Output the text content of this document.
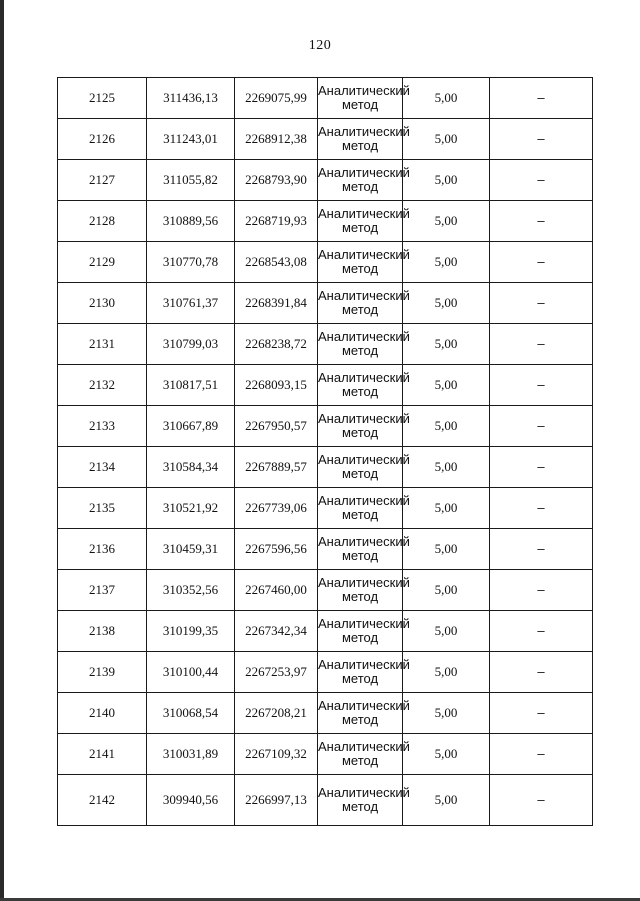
120
2125	311436,13	2269075,99	Аналитический
метод	5,00	–
2126	311243,01	2268912,38	Аналитический
метод	5,00	–
2127	311055,82	2268793,90	Аналитический
метод	5,00	–
2128	310889,56	2268719,93	Аналитический
метод	5,00	–
2129	310770,78	2268543,08	Аналитический
метод	5,00	–
2130	310761,37	2268391,84	Аналитический
метод	5,00	–
2131	310799,03	2268238,72	Аналитический
метод	5,00	–
2132	310817,51	2268093,15	Аналитический
метод	5,00	–
2133	310667,89	2267950,57	Аналитический
метод	5,00	–
2134	310584,34	2267889,57	Аналитический
метод	5,00	–
2135	310521,92	2267739,06	Аналитический
метод	5,00	–
2136	310459,31	2267596,56	Аналитический
метод	5,00	–
2137	310352,56	2267460,00	Аналитический
метод	5,00	–
2138	310199,35	2267342,34	Аналитический
метод	5,00	–
2139	310100,44	2267253,97	Аналитический
метод	5,00	–
2140	310068,54	2267208,21	Аналитический
метод	5,00	–
2141	310031,89	2267109,32	Аналитический
метод	5,00	–
2142	309940,56	2266997,13	Аналитический
метод	5,00	–
